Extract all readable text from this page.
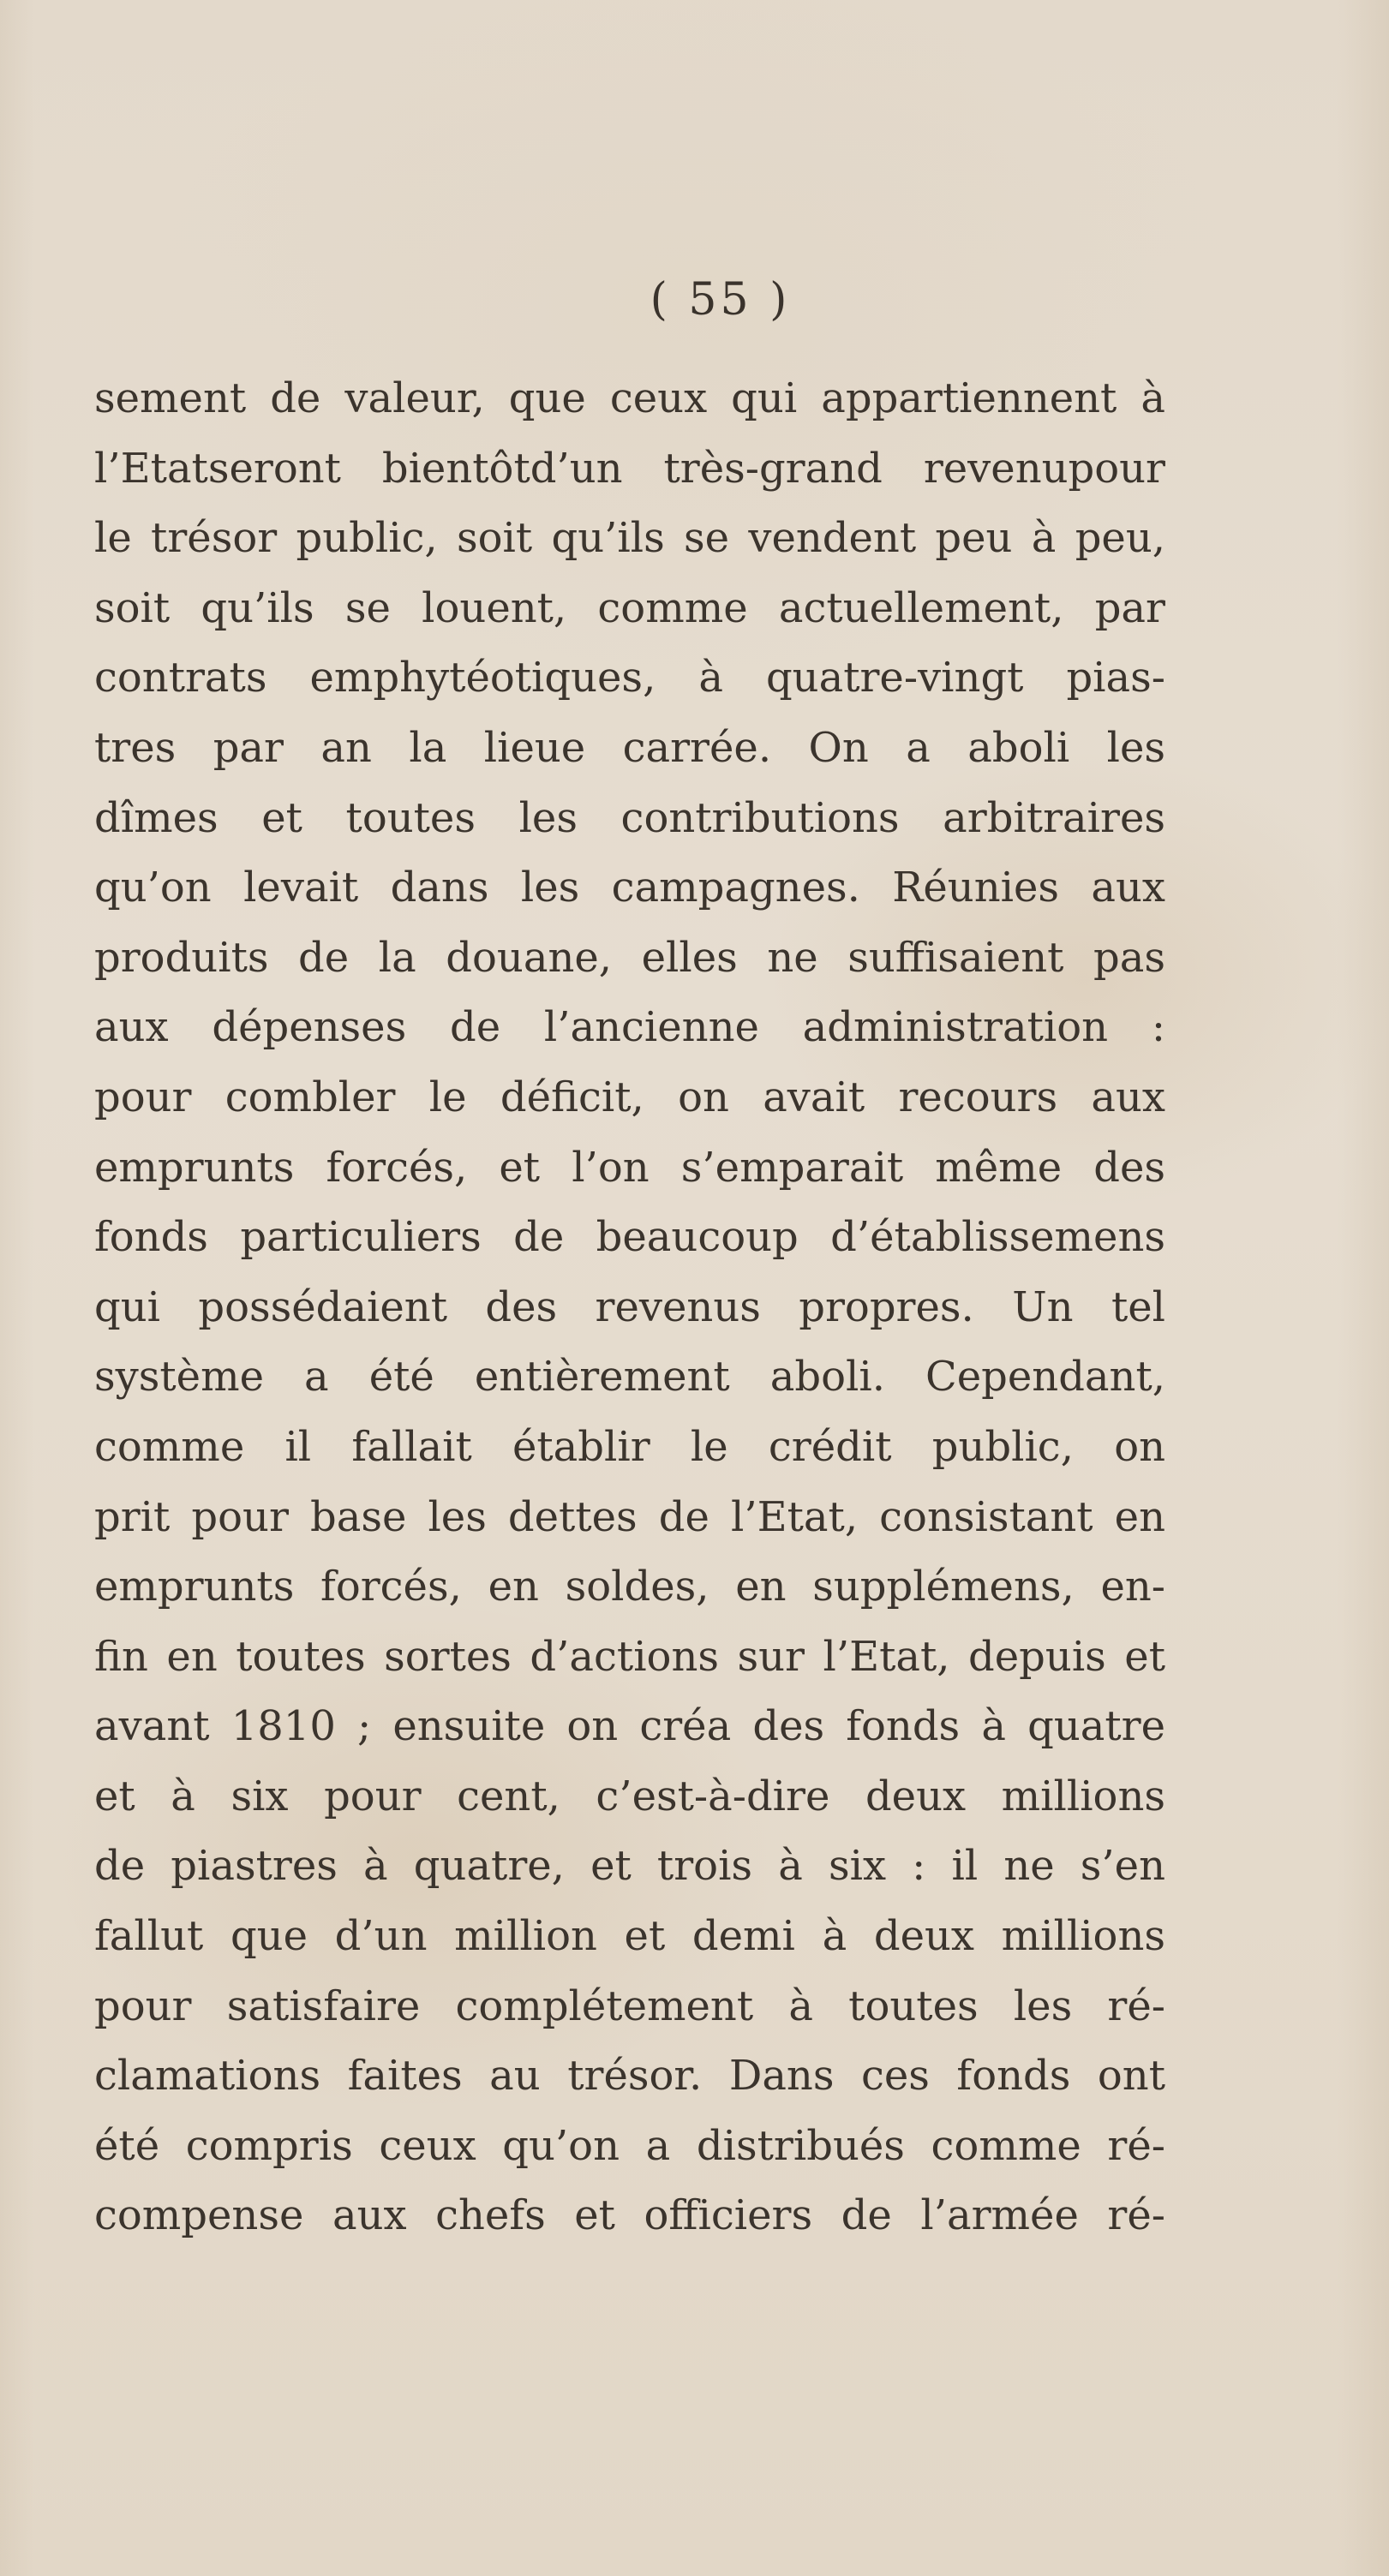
( 55 )
sement de valeur, que ceux qui appartiennent à
l’Etatseront bientôtd’un très-grand revenupour
le trésor public, soit qu’ils se vendent peu à peu,
soit qu’ils se louent, comme actuellement, par
contrats emphytéotiques, à quatre-vingt pias-
tres par an la lieue carrée. On a aboli les
dîmes et toutes les contributions arbitraires
qu’on levait dans les campagnes. Réunies aux
produits de la douane, elles ne suffisaient pas
aux dépenses de l’ancienne administration :
pour combler le déficit, on avait recours aux
emprunts forcés, et l’on s’emparait même des
fonds particuliers de beaucoup d’établissemens
qui possédaient des revenus propres. Un tel
système a été entièrement aboli. Cependant,
comme il fallait établir le crédit public, on
prit pour base les dettes de l’Etat, consistant en
emprunts forcés, en soldes, en supplémens, en-
fin en toutes sortes d’actions sur l’Etat, depuis et
avant 1810 ; ensuite on créa des fonds à quatre
et à six pour cent, c’est-à-dire deux millions
de piastres à quatre, et trois à six : il ne s’en
fallut que d’un million et demi à deux millions
pour satisfaire complétement à toutes les ré-
clamations faites au trésor. Dans ces fonds ont
été compris ceux qu’on a distribués comme ré-
compense aux chefs et officiers de l’armée ré-
